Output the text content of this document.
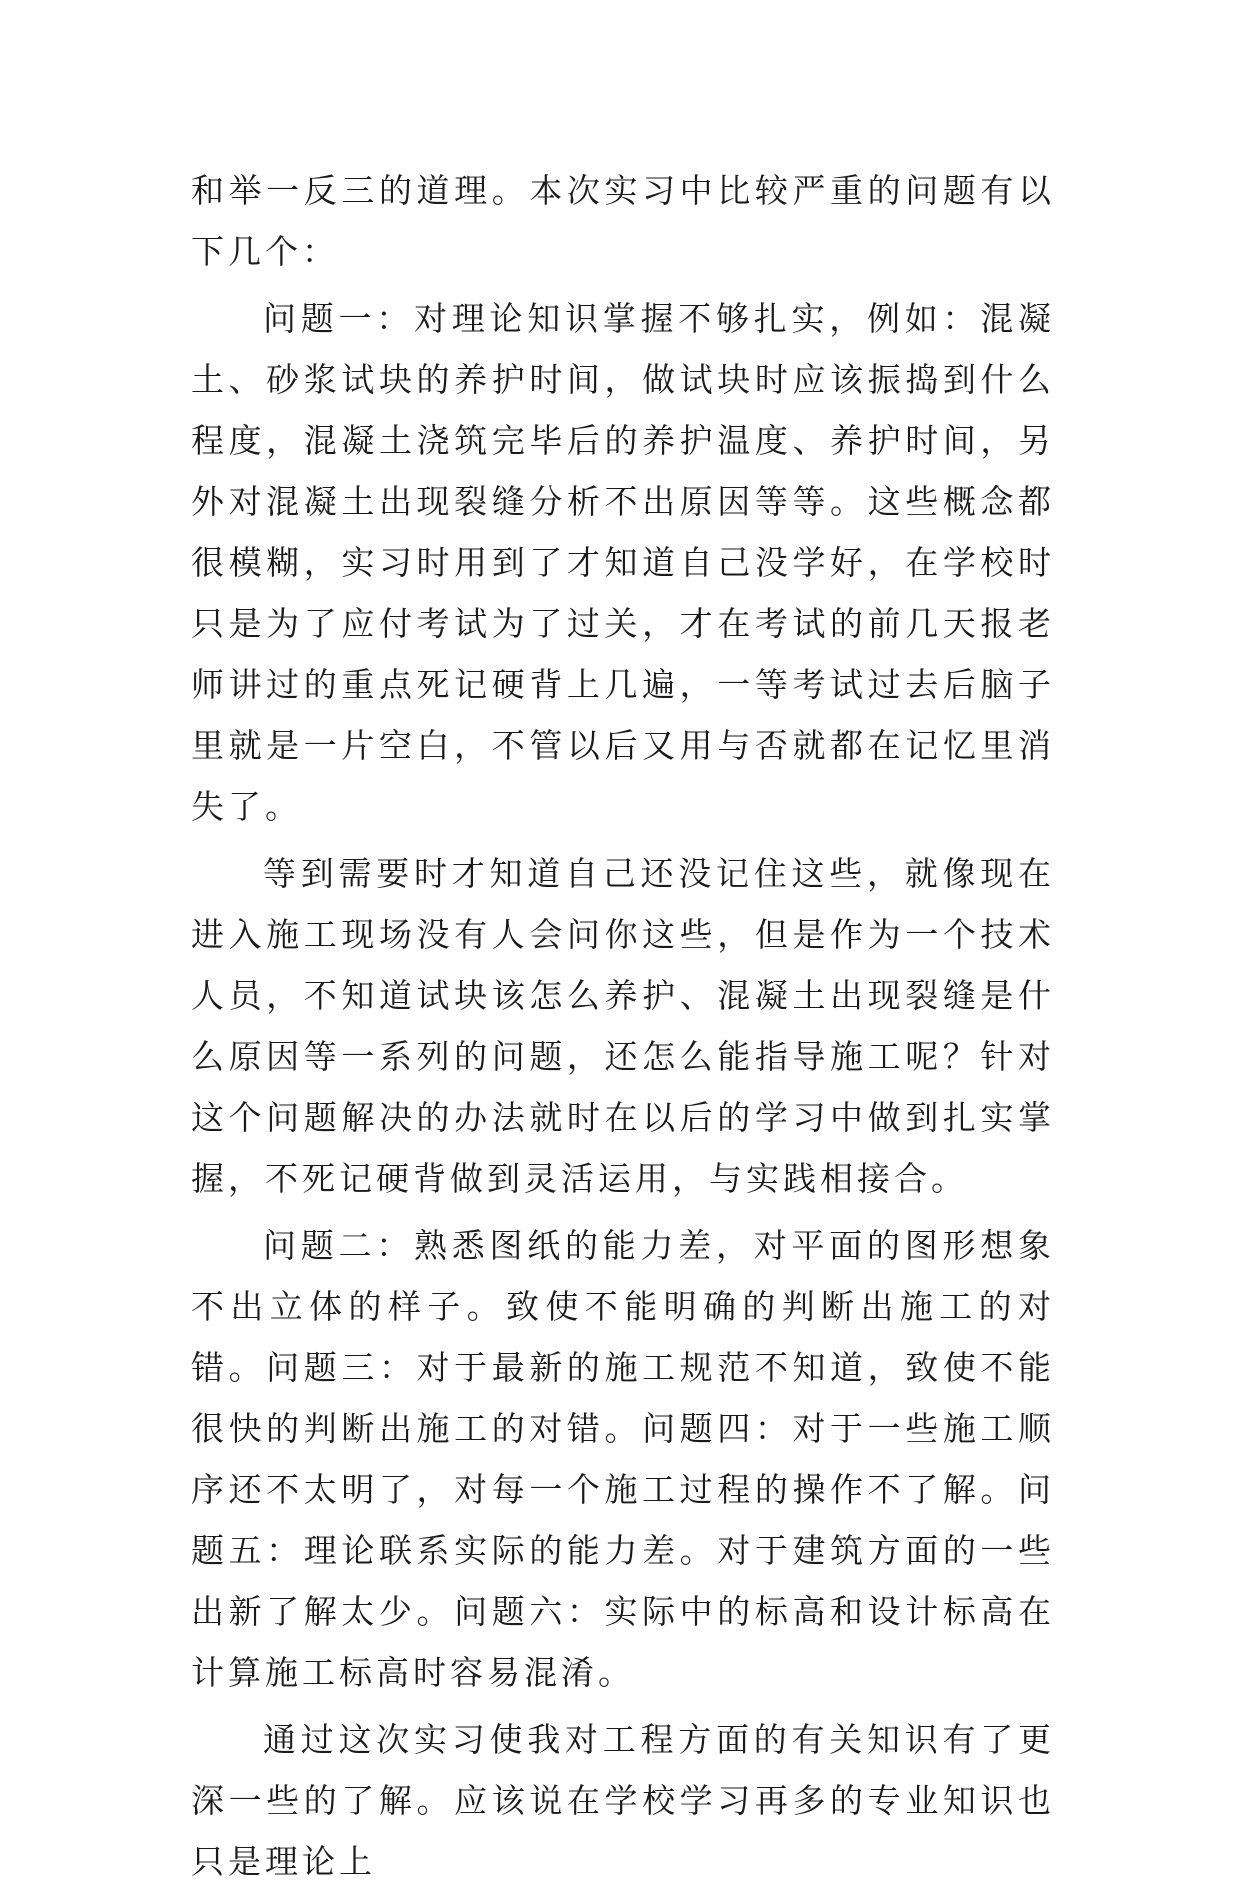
和举一反三的道理。本次实习中比较严重的问题有以下几个：

问题一：对理论知识掌握不够扎实，例如：混凝土、砂浆试块的养护时间，做试块时应该振捣到什么程度，混凝土浇筑完毕后的养护温度、养护时间，另外对混凝土出现裂缝分析不出原因等等。这些概念都很模糊，实习时用到了才知道自己没学好，在学校时只是为了应付考试为了过关，才在考试的前几天报老师讲过的重点死记硬背上几遍，一等考试过去后脑子里就是一片空白，不管以后又用与否就都在记忆里消失了。

等到需要时才知道自己还没记住这些，就像现在进入施工现场没有人会问你这些，但是作为一个技术人员，不知道试块该怎么养护、混凝土出现裂缝是什么原因等一系列的问题，还怎么能指导施工呢？针对这个问题解决的办法就时在以后的学习中做到扎实掌握，不死记硬背做到灵活运用，与实践相接合。

问题二：熟悉图纸的能力差，对平面的图形想象不出立体的样子。致使不能明确的判断出施工的对错。问题三：对于最新的施工规范不知道，致使不能很快的判断出施工的对错。问题四：对于一些施工顺序还不太明了，对每一个施工过程的操作不了解。问题五：理论联系实际的能力差。对于建筑方面的一些出新了解太少。问题六：实际中的标高和设计标高在计算施工标高时容易混淆。

通过这次实习使我对工程方面的有关知识有了更深一些的了解。应该说在学校学习再多的专业知识也只是理论上
